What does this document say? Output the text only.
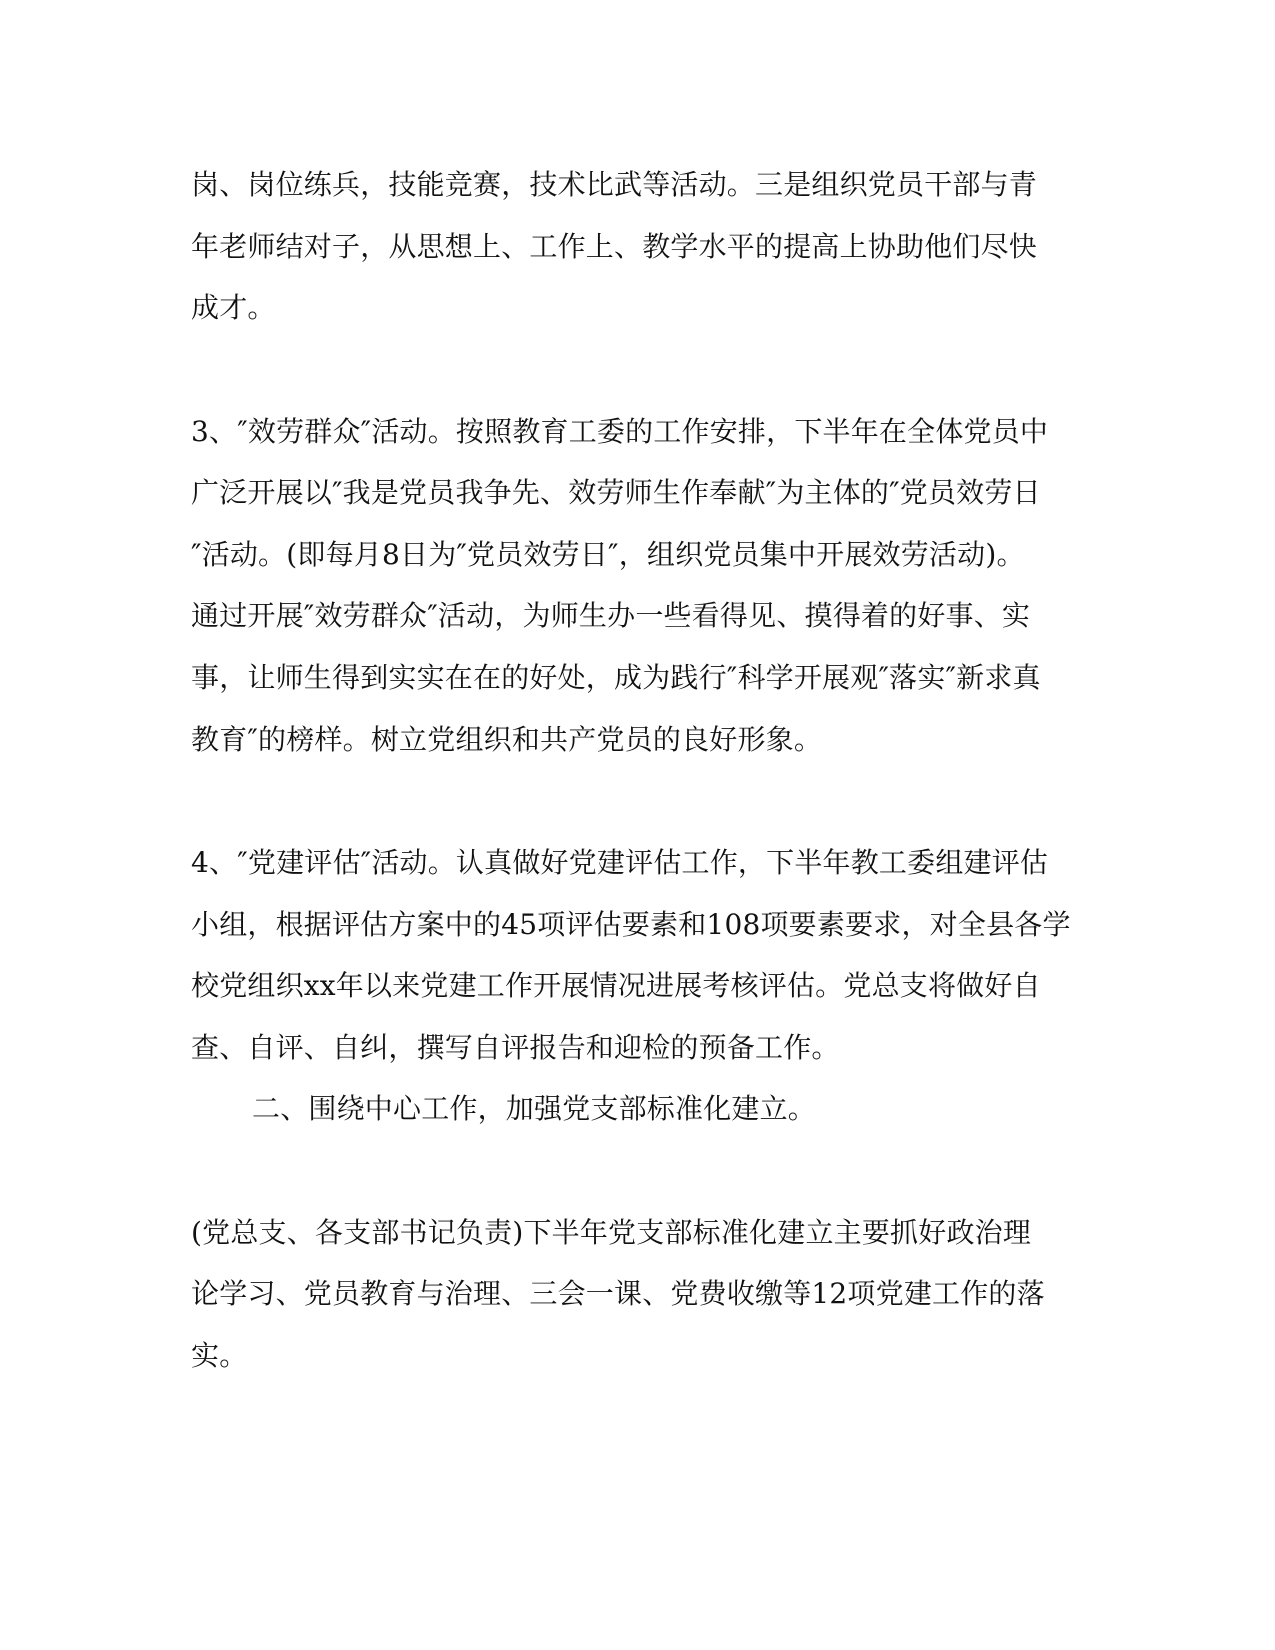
岗、岗位练兵，技能竞赛，技术比武等活动。三是组织党员干部与青
年老师结对子，从思想上、工作上、教学水平的提高上协助他们尽快
成才。
3、″效劳群众″活动。按照教育工委的工作安排，下半年在全体党员中
广泛开展以″我是党员我争先、效劳师生作奉献″为主体的″党员效劳日
″活动。(即每月8日为″党员效劳日″，组织党员集中开展效劳活动)。
通过开展″效劳群众″活动，为师生办一些看得见、摸得着的好事、实
事，让师生得到实实在在的好处，成为践行″科学开展观″落实″新求真
教育″的榜样。树立党组织和共产党员的良好形象。
4、″党建评估″活动。认真做好党建评估工作，下半年教工委组建评估
小组，根据评估方案中的45项评估要素和108项要素要求，对全县各学
校党组织xx年以来党建工作开展情况进展考核评估。党总支将做好自
查、自评、自纠，撰写自评报告和迎检的预备工作。
二、围绕中心工作，加强党支部标准化建立。
(党总支、各支部书记负责)下半年党支部标准化建立主要抓好政治理
论学习、党员教育与治理、三会一课、党费收缴等12项党建工作的落
实。
